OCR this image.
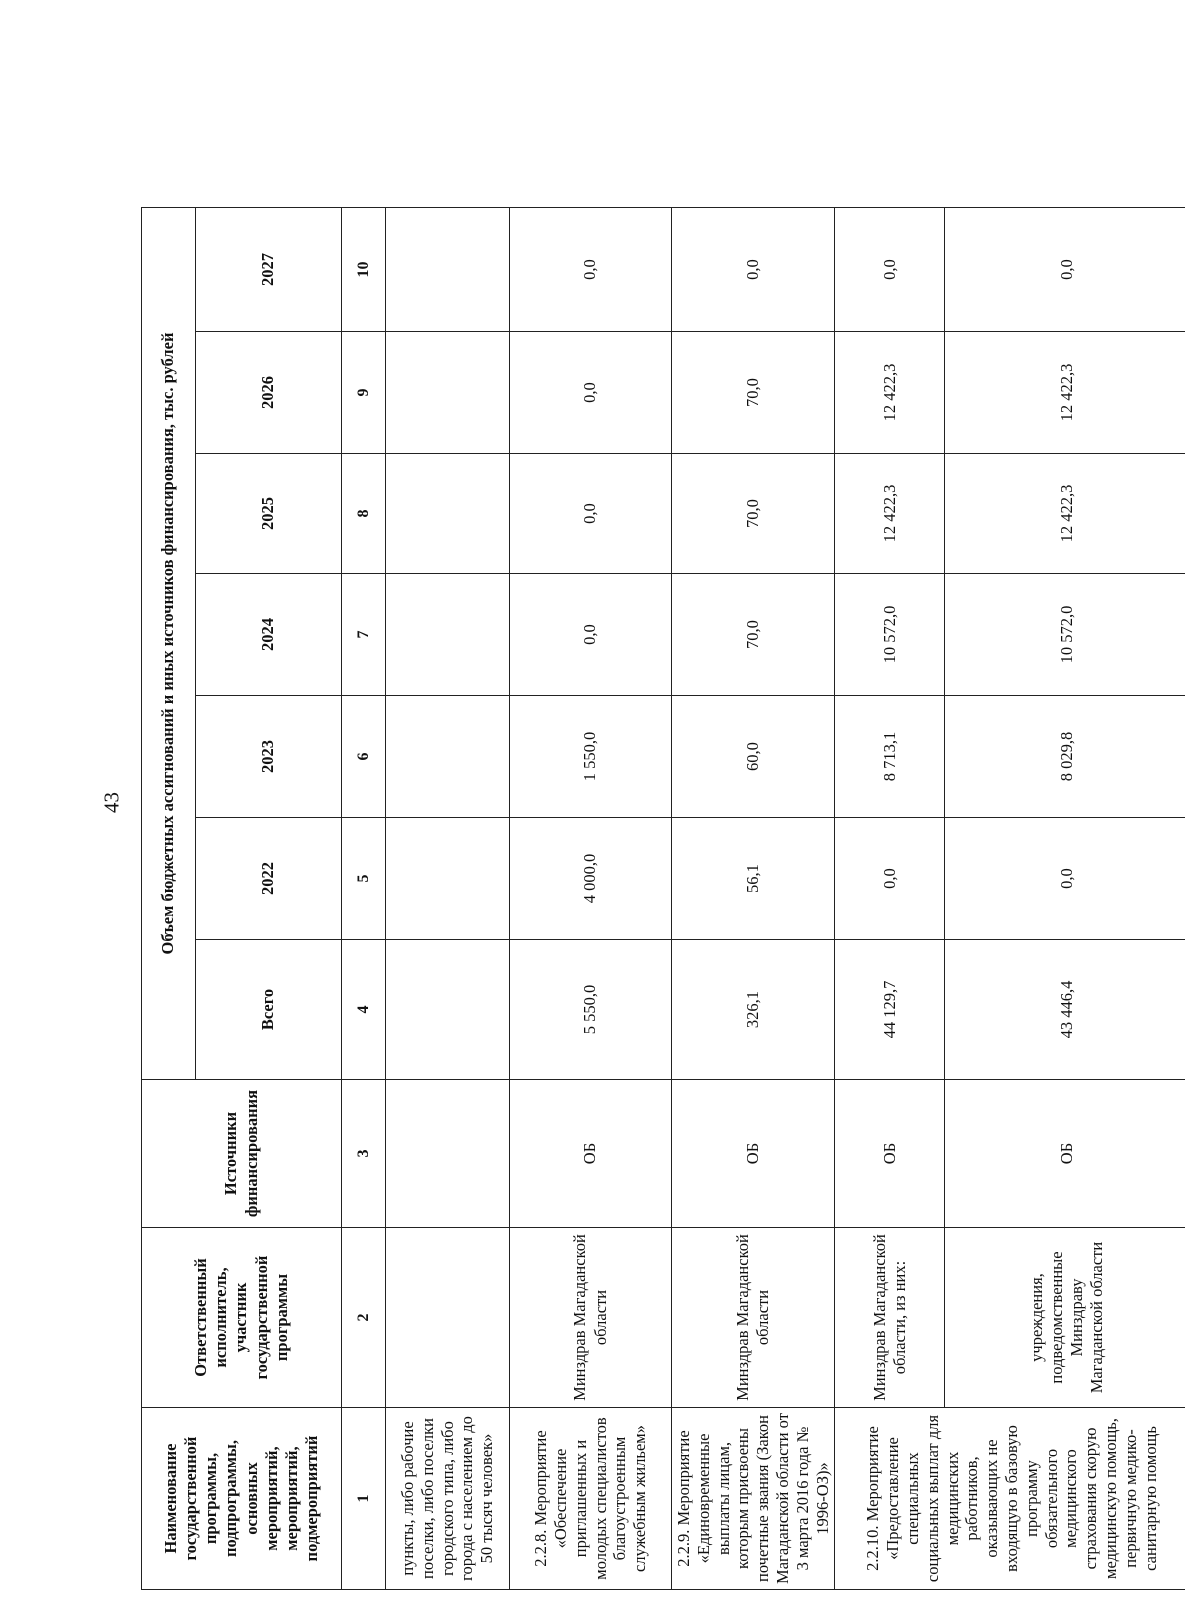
43
Наименование государственной программы, подпрограммы, основных мероприятий, мероприятий, подмероприятий	Ответственный исполнитель, участник государственной программы	Источники финансирования	Объем бюджетных ассигнований и иных источников финансирования, тыс. рублей							
			Всего	2022	2023	2024	2025	2026	2027	
1	2	3	4	5	6	7	8	9	10	
пункты, либо рабочие поселки, либо поселки городского типа, либо города с населением до 50 тысяч человек»										
2.2.8. Мероприятие «Обеспечение приглашенных и молодых специалистов благоустроенным служебным жильем»	Минздрав Магаданской области	ОБ	5 550,0	4 000,0	1 550,0	0,0	0,0	0,0	0,0	
2.2.9. Мероприятие «Единовременные выплаты лицам, которым присвоены почетные звания (Закон Магаданской области от 3 марта 2016 года № 1996-ОЗ)»	Минздрав Магаданской области	ОБ	326,1	56,1	60,0	70,0	70,0	70,0	0,0	
2.2.10. Мероприятие «Предоставление специальных социальных выплат для медицинских работников, оказывающих не входящую в базовую программу обязательного медицинского страхования скорую медицинскую помощь, первичную медико-санитарную помощь	Минздрав Магаданской области, из них:	ОБ	44 129,7	0,0	8 713,1	10 572,0	12 422,3	12 422,3	0,0	
	учреждения, подведомственные Минздраву Магаданской области	ОБ	43 446,4	0,0	8 029,8	10 572,0	12 422,3	12 422,3	0,0	
